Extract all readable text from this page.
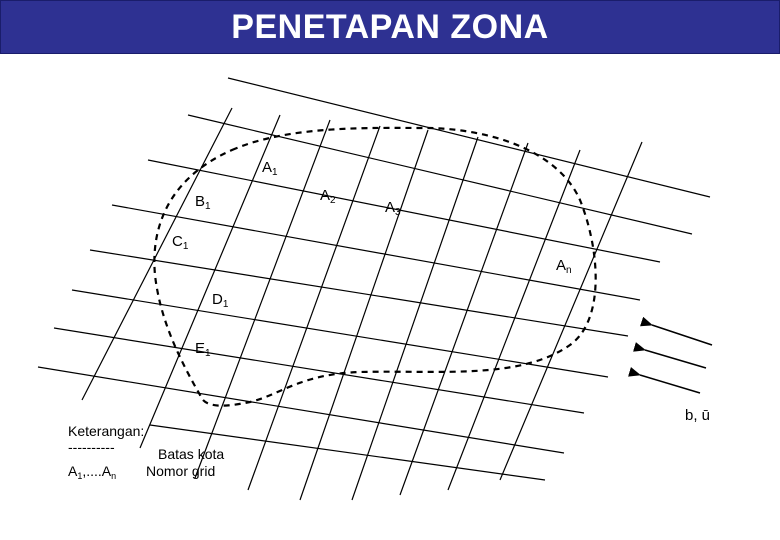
PENETAPAN ZONA
$A_1$
$A_2$	$A_3$
$A_n$
$B_1$
$C_1$
$D_1$
$E_1$
b, ū
Keterangan:
----------	Batas kota
$A_1,....A_n$ Nomor grid
